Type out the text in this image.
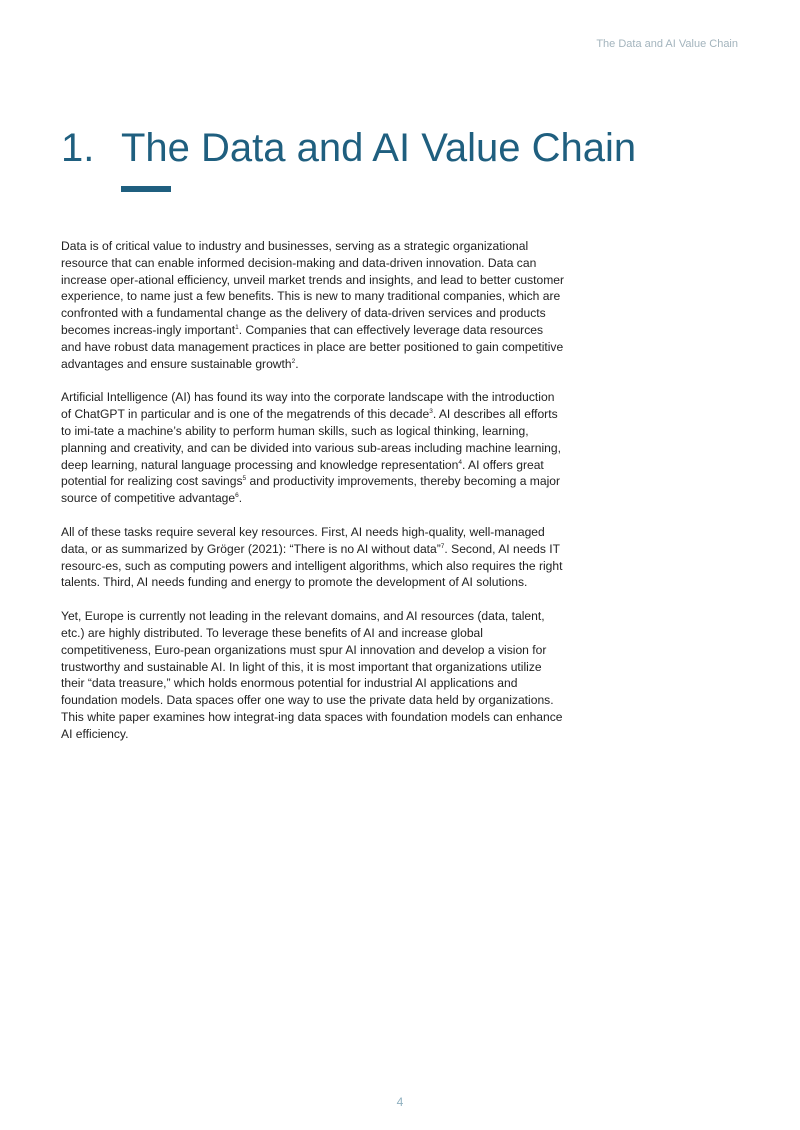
The Data and AI Value Chain
1. The Data and AI Value Chain

Data is of critical value to industry and businesses, serving as a strategic organizational resource that can enable informed decision-making and data-driven innovation. Data can increase oper-ational efficiency, unveil market trends and insights, and lead to better customer experience, to name just a few benefits. This is new to many traditional companies, which are confronted with a fundamental change as the delivery of data-driven services and products becomes increas-ingly important$^1$. Companies that can effectively leverage data resources and have robust data management practices in place are better positioned to gain competitive advantages and ensure sustainable growth$^2$.

Artificial Intelligence (AI) has found its way into the corporate landscape with the introduction of ChatGPT in particular and is one of the megatrends of this decade$^3$. AI describes all efforts to imi-tate a machine’s ability to perform human skills, such as logical thinking, learning, planning and creativity, and can be divided into various sub-areas including machine learning, deep learning, natural language processing and knowledge representation$^4$. AI offers great potential for realizing cost savings$^5$ and productivity improvements, thereby becoming a major source of competitive advantage$^6$.

All of these tasks require several key resources. First, AI needs high-quality, well-managed data, or as summarized by Gröger (2021): “There is no AI without data”$^7$. Second, AI needs IT resourc-es, such as computing powers and intelligent algorithms, which also requires the right talents. Third, AI needs funding and energy to promote the development of AI solutions.

Yet, Europe is currently not leading in the relevant domains, and AI resources (data, talent, etc.) are highly distributed. To leverage these benefits of AI and increase global competitiveness, Euro-pean organizations must spur AI innovation and develop a vision for trustworthy and sustainable AI. In light of this, it is most important that organizations utilize their “data treasure,” which holds enormous potential for industrial AI applications and foundation models. Data spaces offer one way to use the private data held by organizations. This white paper examines how integrat-ing data spaces with foundation models can enhance AI efficiency.

4
